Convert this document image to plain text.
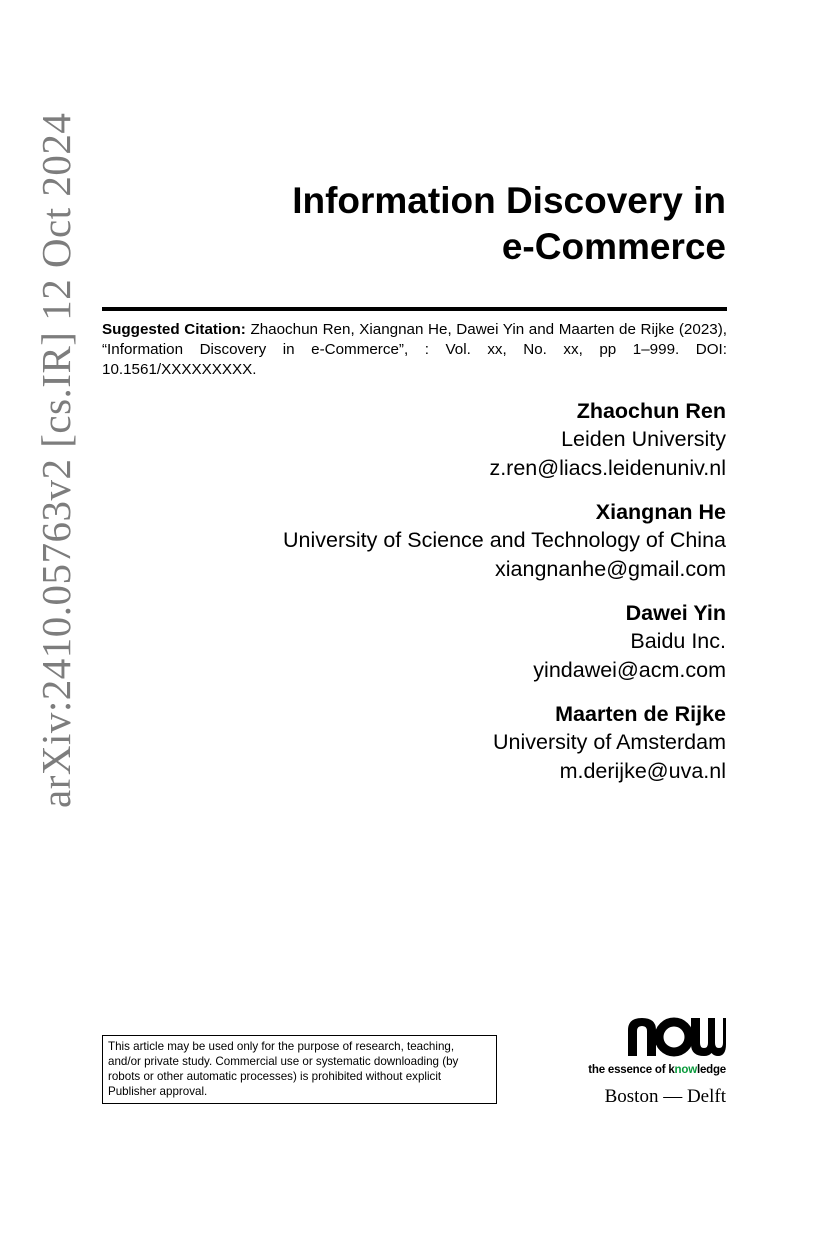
arXiv:2410.05763v2 [cs.IR] 12 Oct 2024	Information Discovery in
e-Commerce
Suggested Citation: Zhaochun Ren, Xiangnan He, Dawei Yin and Maarten de Rijke (2023), “Information Discovery in e-Commerce”, : Vol. xx, No. xx, pp 1–999. DOI: 10.1561/XXXXXXXXX.
Zhaochun Ren
Leiden University
z.ren@liacs.leidenuniv.nl
Xiangnan He
University of Science and Technology of China
xiangnanhe@gmail.com
Dawei Yin
Baidu Inc.
yindawei@acm.com
Maarten de Rijke
University of Amsterdam
m.derijke@uva.nl
This article may be used only for the purpose of research, teaching, and/or private study. Commercial use or systematic downloading (by robots or other automatic processes) is prohibited without explicit Publisher approval.
the essence of knowledge
Boston — Delft
